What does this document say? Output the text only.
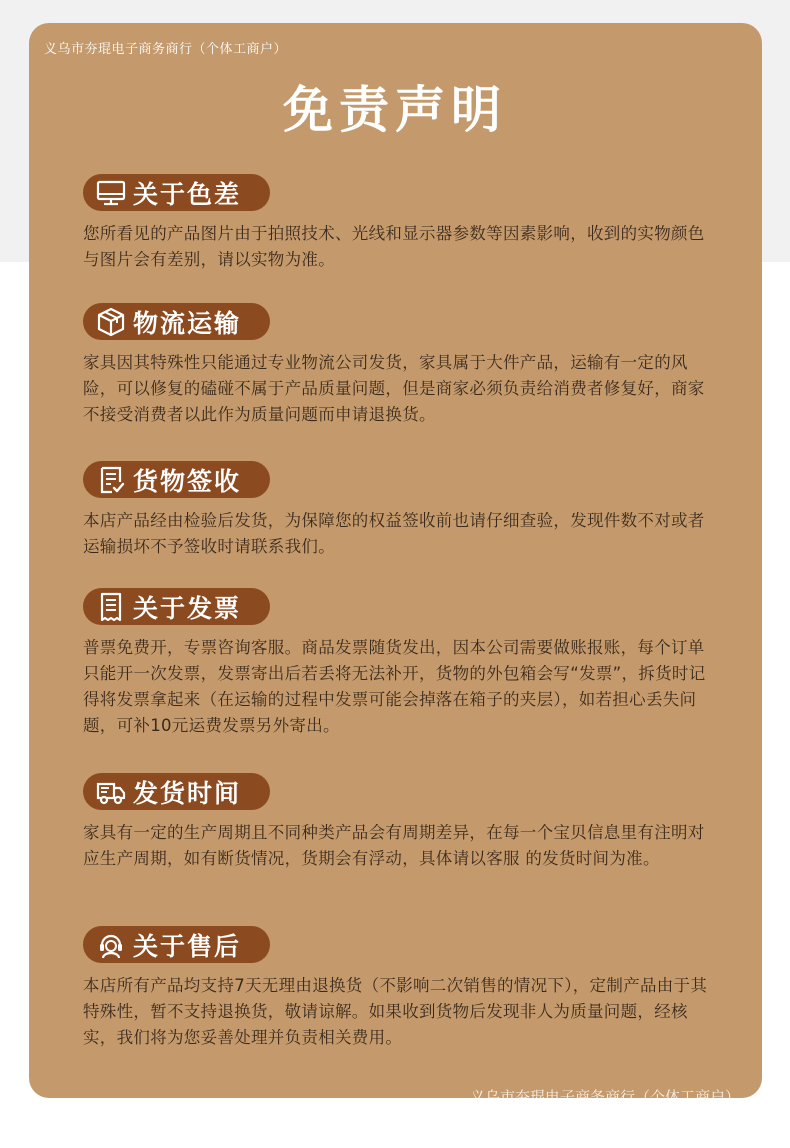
义乌市夯琨电子商务商行（个体工商户）
免责声明
关于色差
您所看见的产品图片由于拍照技术、光线和显示器参数等因素影响，收到的实物颜色与图片会有差别，请以实物为准。
物流运输
家具因其特殊性只能通过专业物流公司发货，家具属于大件产品，运输有一定的风险，可以修复的磕碰不属于产品质量问题，但是商家必须负责给消费者修复好，商家不接受消费者以此作为质量问题而申请退换货。
货物签收
本店产品经由检验后发货，为保障您的权益签收前也请仔细查验，发现件数不对或者运输损坏不予签收时请联系我们。
关于发票
普票免费开，专票咨询客服。商品发票随货发出，因本公司需要做账报账，每个订单只能开一次发票，发票寄出后若丢将无法补开，货物的外包箱会写“发票”，拆货时记得将发票拿起来（在运输的过程中发票可能会掉落在箱子的夹层），如若担心丢失问题，可补10元运费发票另外寄出。
发货时间
家具有一定的生产周期且不同种类产品会有周期差异，在每一个宝贝信息里有注明对应生产周期，如有断货情况，货期会有浮动，具体请以客服 的发货时间为准。
关于售后
本店所有产品均支持7天无理由退换货（不影响二次销售的情况下），定制产品由于其特殊性，暂不支持退换货，敬请谅解。如果收到货物后发现非人为质量问题，经核实，我们将为您妥善处理并负责相关费用。
义乌市夯琨电子商务商行（个体工商户）
